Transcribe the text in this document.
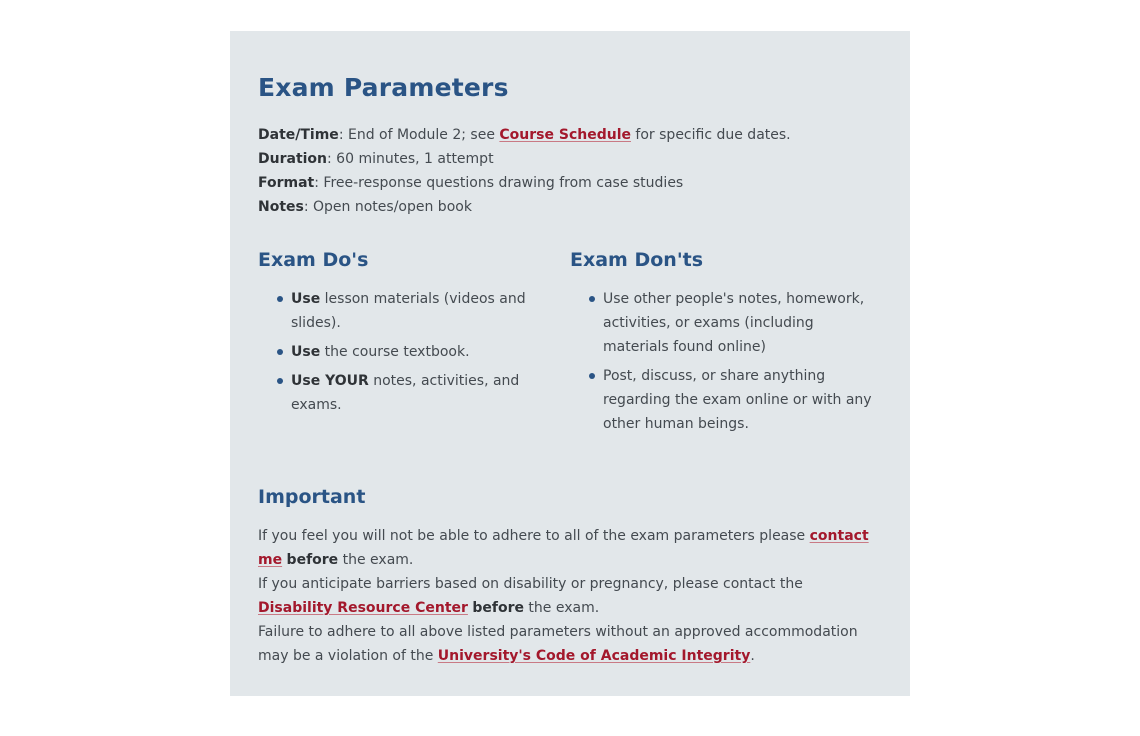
Exam Parameters

Date/Time: End of Module 2; see Course Schedule for specific due dates.

Duration: 60 minutes, 1 attempt

Format: Free-response questions drawing from case studies

Notes: Open notes/open book

Exam Do's
Use lesson materials (videos and slides).
Use the course textbook.
Use YOUR notes, activities, and exams.
Exam Don'ts
Use other people's notes, homework, activities, or exams (including materials found online)
Post, discuss, or share anything regarding the exam online or with any other human beings.
Important

If you feel you will not be able to adhere to all of the exam parameters please contact me before the exam.

If you anticipate barriers based on disability or pregnancy, please contact the Disability Resource Center before the exam.

Failure to adhere to all above listed parameters without an approved accommodation may be a violation of the University's Code of Academic Integrity.
